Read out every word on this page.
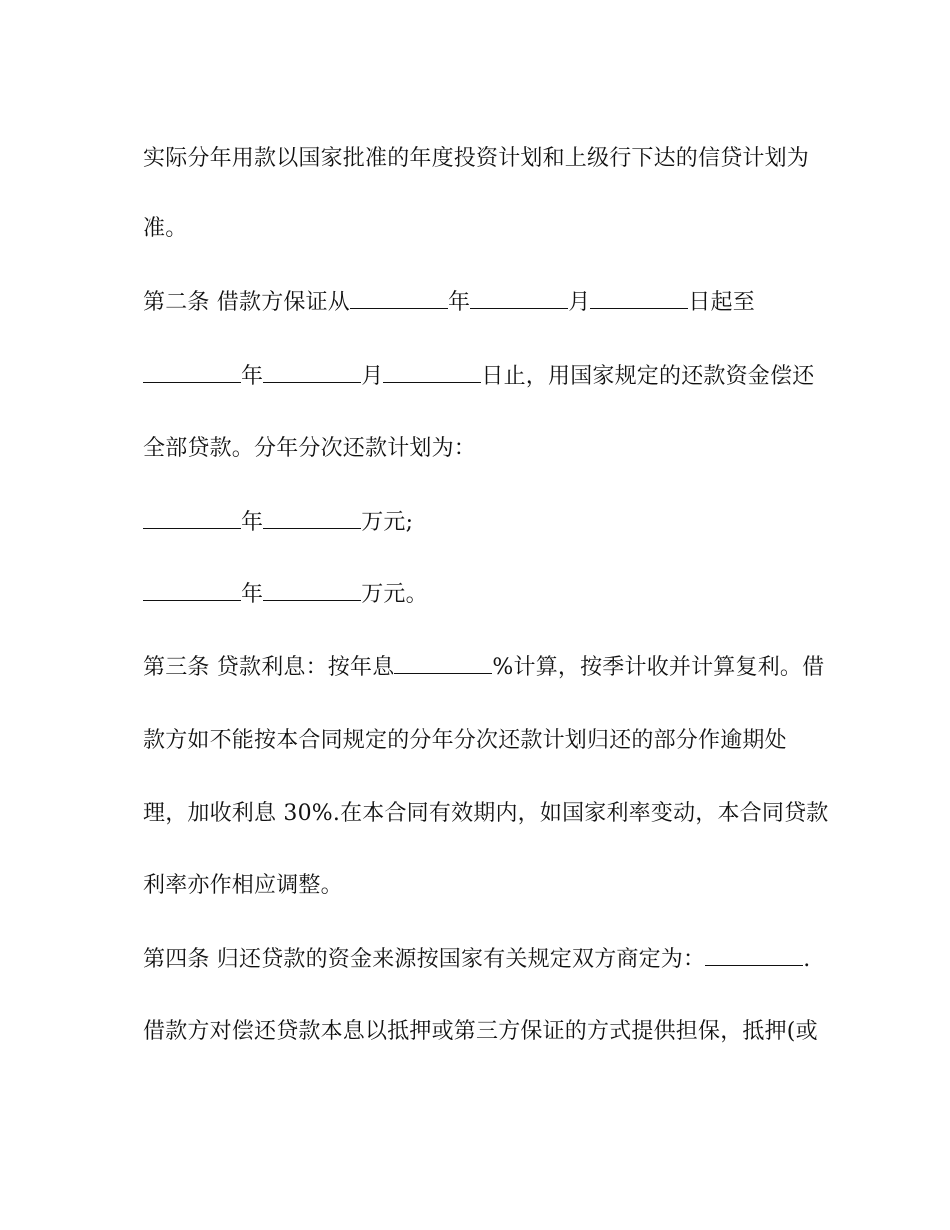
实际分年用款以国家批准的年度投资计划和上级行下达的信贷计划为
准。
第二条 借款方保证从	年	月	日起至
年	月	日止，用国家规定的还款资金偿还
全部贷款。分年分次还款计划为：
年	万元;
年	万元。
第三条 贷款利息：按年息	%计算，按季计收并计算复利。借
款方如不能按本合同规定的分年分次还款计划归还的部分作逾期处
理，加收利息 30%.在本合同有效期内，如国家利率变动，本合同贷款
利率亦作相应调整。
第四条 归还贷款的资金来源按国家有关规定双方商定为：	.
借款方对偿还贷款本息以抵押或第三方保证的方式提供担保，抵押(或
